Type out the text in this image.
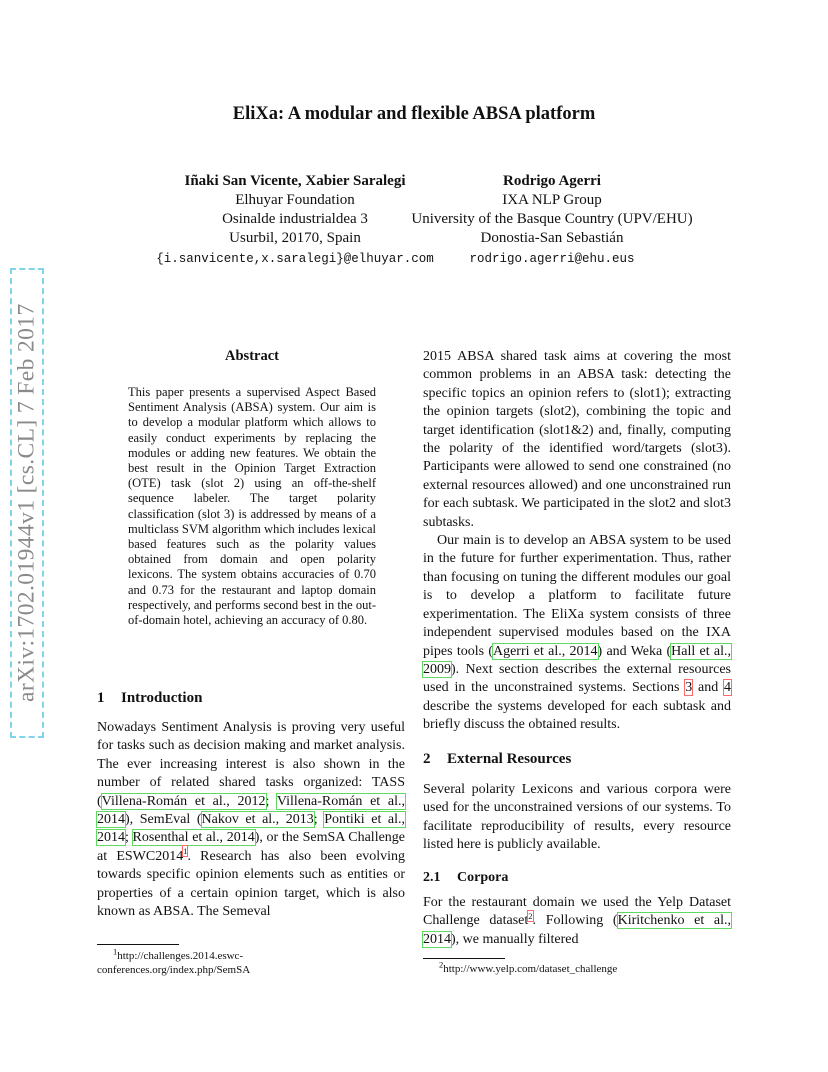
arXiv:1702.01944v1 [cs.CL] 7 Feb 2017
EliXa: A modular and flexible ABSA platform
Iñaki San Vicente, Xabier Saralegi
Elhuyar Foundation
Osinalde industrialdea 3
Usurbil, 20170, Spain
{i.sanvicente,x.saralegi}@elhuyar.com
Rodrigo Agerri
IXA NLP Group
University of the Basque Country (UPV/EHU)
Donostia-San Sebastián
rodrigo.agerri@ehu.eus
Abstract
This paper presents a supervised Aspect Based Sentiment Analysis (ABSA) system. Our aim is to develop a modular platform which allows to easily conduct experiments by replacing the modules or adding new features. We obtain the best result in the Opinion Target Extraction (OTE) task (slot 2) using an off-the-shelf sequence labeler. The target polarity classification (slot 3) is addressed by means of a multiclass SVM algorithm which includes lexical based features such as the polarity values obtained from domain and open polarity lexicons. The system obtains accuracies of 0.70 and 0.73 for the restaurant and laptop domain respectively, and performs second best in the out-of-domain hotel, achieving an accuracy of 0.80.
1 Introduction

Nowadays Sentiment Analysis is proving very useful for tasks such as decision making and market analysis. The ever increasing interest is also shown in the number of related shared tasks organized: TASS (Villena-Román et al., 2012; Villena-Román et al., 2014), SemEval (Nakov et al., 2013; Pontiki et al., 2014; Rosenthal et al., 2014), or the SemSA Challenge at ESWC2014$^1$. Research has also been evolving towards specific opinion elements such as entities or properties of a certain opinion target, which is also known as ABSA. The Semeval

$^1$http://challenges.2014.eswc-conferences.org/index.php/SemSA

2015 ABSA shared task aims at covering the most common problems in an ABSA task: detecting the specific topics an opinion refers to (slot1); extracting the opinion targets (slot2), combining the topic and target identification (slot1&2) and, finally, computing the polarity of the identified word/targets (slot3). Participants were allowed to send one constrained (no external resources allowed) and one unconstrained run for each subtask. We participated in the slot2 and slot3 subtasks.

Our main is to develop an ABSA system to be used in the future for further experimentation. Thus, rather than focusing on tuning the different modules our goal is to develop a platform to facilitate future experimentation. The EliXa system consists of three independent supervised modules based on the IXA pipes tools (Agerri et al., 2014) and Weka (Hall et al., 2009). Next section describes the external resources used in the unconstrained systems. Sections 3 and 4 describe the systems developed for each subtask and briefly discuss the obtained results.

2 External Resources
Several polarity Lexicons and various corpora were used for the unconstrained versions of our systems. To facilitate reproducibility of results, every resource listed here is publicly available.
2.1 Corpora

For the restaurant domain we used the Yelp Dataset Challenge dataset$^2$. Following (Kiritchenko et al., 2014), we manually filtered

$^2$http://www.yelp.com/dataset_challenge
